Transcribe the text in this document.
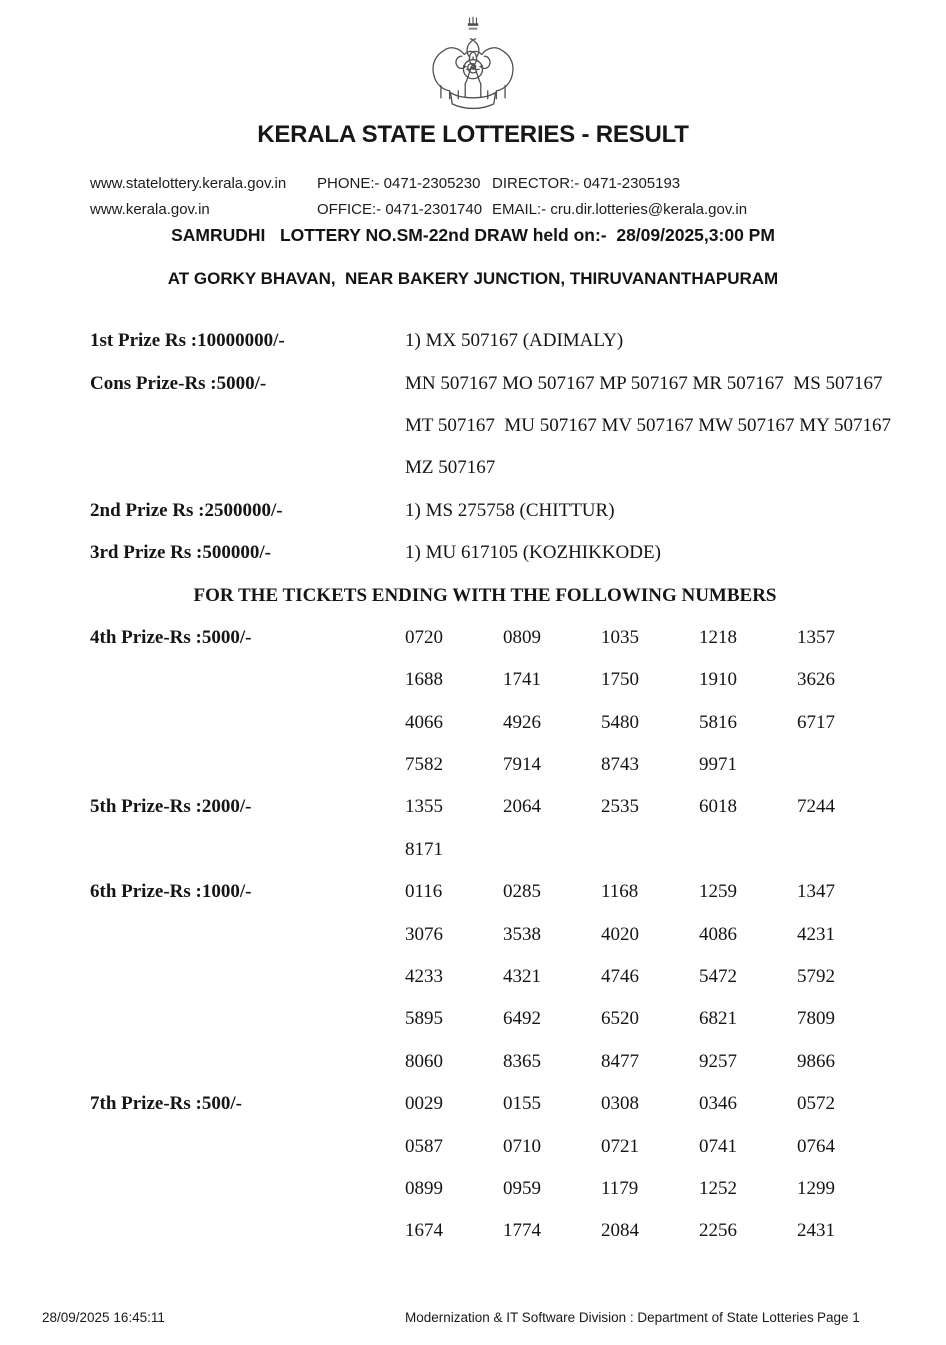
KERALA STATE LOTTERIES - RESULT
www.statelottery.kerala.gov.in	PHONE:- 0471-2305230 DIRECTOR:- 0471-2305193
www.kerala.gov.in	OFFICE:- 0471-2301740 EMAIL:- cru.dir.lotteries@kerala.gov.in
SAMRUDHI   LOTTERY NO.SM-22nd DRAW held on:-  28/09/2025,3:00 PM
AT GORKY BHAVAN,  NEAR BAKERY JUNCTION, THIRUVANANTHAPURAM
1st Prize Rs :10000000/-	1) MX 507167 (ADIMALY)
Cons Prize-Rs :5000/-	MN 507167 MO 507167 MP 507167 MR 507167  MS 507167
MT 507167  MU 507167 MV 507167 MW 507167 MY 507167
MZ 507167
2nd Prize Rs :2500000/-	1) MS 275758 (CHITTUR)
3rd Prize Rs :500000/-	1) MU 617105 (KOZHIKKODE)
FOR THE TICKETS ENDING WITH THE FOLLOWING NUMBERS
4th Prize-Rs :5000/-	0720	0809	1035	1218	1357
1688	1741	1750	1910	3626
4066	4926	5480	5816	6717
7582	7914	8743	9971
5th Prize-Rs :2000/-	1355	2064	2535	6018	7244
8171
6th Prize-Rs :1000/-	0116	0285	1168	1259	1347
3076	3538	4020	4086	4231
4233	4321	4746	5472	5792
5895	6492	6520	6821	7809
8060	8365	8477	9257	9866
7th Prize-Rs :500/-	0029	0155	0308	0346	0572
0587	0710	0721	0741	0764
0899	0959	1179	1252	1299
1674	1774	2084	2256	2431
28/09/2025 16:45:11	Modernization & IT Software Division : Department of State Lotteries Page 1
